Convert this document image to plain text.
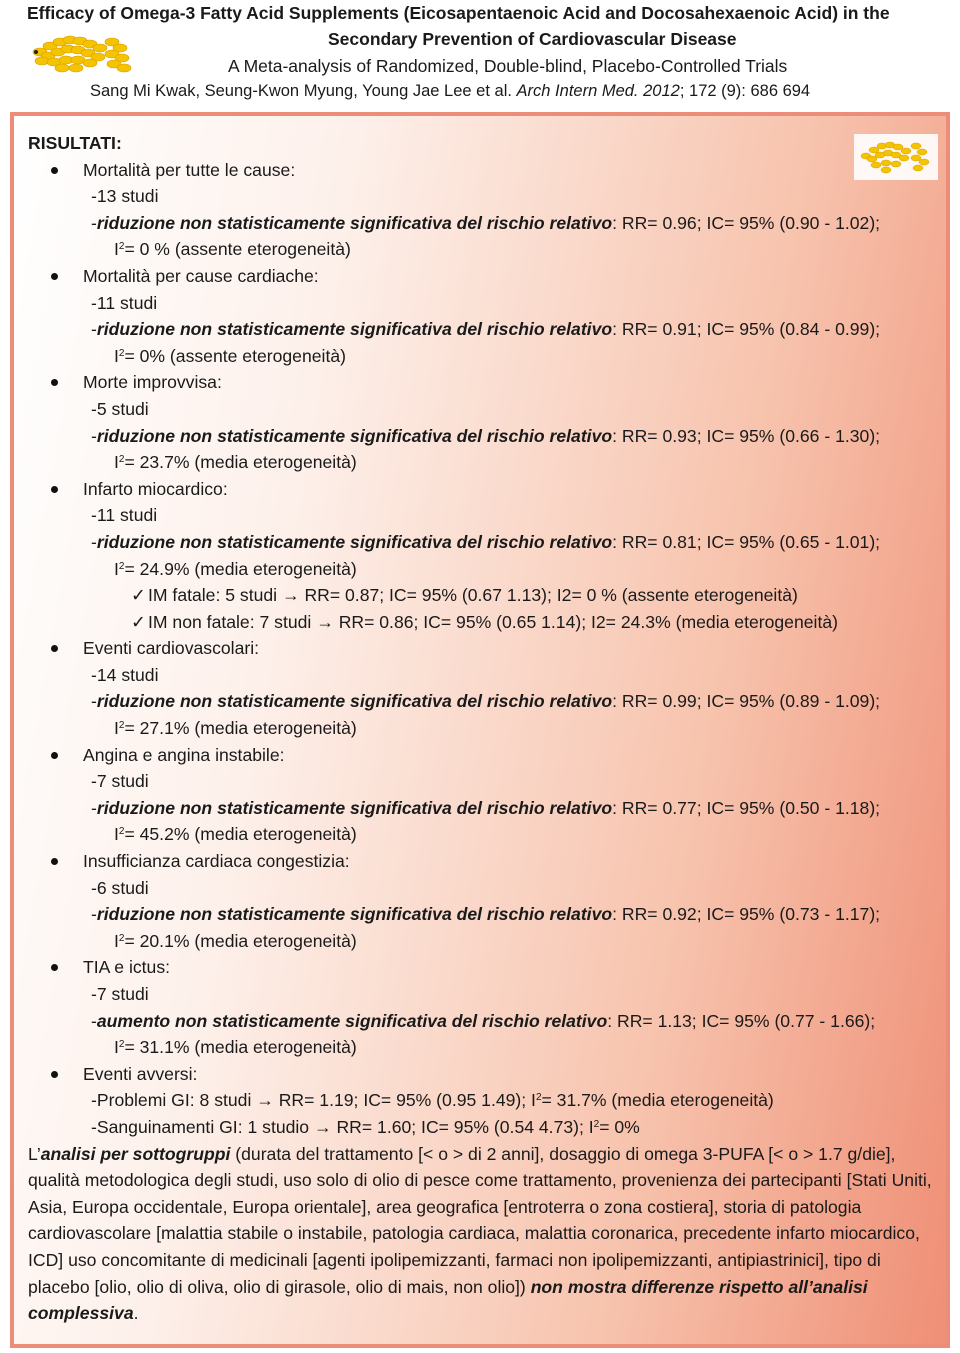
Efficacy of Omega-3 Fatty Acid Supplements (Eicosapentaenoic Acid and Docosahexaenoic Acid) in the
Secondary Prevention of Cardiovascular Disease
A Meta-analysis of Randomized, Double-blind, Placebo-Controlled Trials
Sang Mi Kwak, Seung-Kwon Myung, Young Jae Lee et al. Arch Intern Med. 2012; 172 (9): 686 694
RISULTATI:
Mortalità per tutte le cause:
-13 studi
-riduzione non statisticamente significativa del rischio relativo: RR= 0.96; IC= 95% (0.90 - 1.02);
$I^2= 0$ % (assente eterogeneità)
Mortalità per cause cardiache:
-11 studi
-riduzione non statisticamente significativa del rischio relativo: RR= 0.91; IC= 95% (0.84 - 0.99);
$I^2= 0\%$ (assente eterogeneità)
Morte improvvisa:
-5 studi
-riduzione non statisticamente significativa del rischio relativo: RR= 0.93; IC= 95% (0.66 - 1.30);
$I^2= 23.7\%$ (media eterogeneità)
Infarto miocardico:
-11 studi
-riduzione non statisticamente significativa del rischio relativo: RR= 0.81; IC= 95% (0.65 - 1.01);
$I^2= 24.9\%$ (media eterogeneità)
✓ IM fatale: 5 studi → RR= 0.87; IC= 95% (0.67 1.13); I2= 0 % (assente eterogeneità)
✓ IM non fatale: 7 studi → RR= 0.86; IC= 95% (0.65 1.14); I2= 24.3% (media eterogeneità)
Eventi cardiovascolari:
-14 studi
-riduzione non statisticamente significativa del rischio relativo: RR= 0.99; IC= 95% (0.89 - 1.09);
$I^2= 27.1\%$ (media eterogeneità)
Angina e angina instabile:
-7 studi
-riduzione non statisticamente significativa del rischio relativo: RR= 0.77; IC= 95% (0.50 - 1.18);
$I^2= 45.2\%$ (media eterogeneità)
Insufficianza cardiaca congestizia:
-6 studi
-riduzione non statisticamente significativa del rischio relativo: RR= 0.92; IC= 95% (0.73 - 1.17);
$I^2= 20.1\%$ (media eterogeneità)
TIA e ictus:
-7 studi
-aumento non statisticamente significativa del rischio relativo: RR= 1.13; IC= 95% (0.77 - 1.66);
$I^2= 31.1\%$ (media eterogeneità)
Eventi avversi:
-Problemi GI: 8 studi → RR= 1.19; IC= 95% (0.95 1.49); $I^2= 31.7\%$ (media eterogeneità)
-Sanguinamenti GI: 1 studio → RR= 1.60; IC= 95% (0.54 4.73); $I^2= 0\%$
L’analisi per sottogruppi (durata del trattamento [< o > di 2 anni], dosaggio di omega 3-PUFA [< o > 1.7 g/die], qualità metodologica degli studi, uso solo di olio di pesce come trattamento, provenienza dei partecipanti [Stati Uniti, Asia, Europa occidentale, Europa orientale], area geografica [entroterra o zona costiera], storia di patologia cardiovascolare [malattia stabile o instabile, patologia cardiaca, malattia coronarica, precedente infarto miocardico, ICD] uso concomitante di medicinali [agenti ipolipemizzanti, farmaci non ipolipemizzanti, antipiastrinici], tipo di placebo [olio, olio di oliva, olio di girasole, olio di mais, non olio]) non mostra differenze rispetto all’analisi complessiva.
